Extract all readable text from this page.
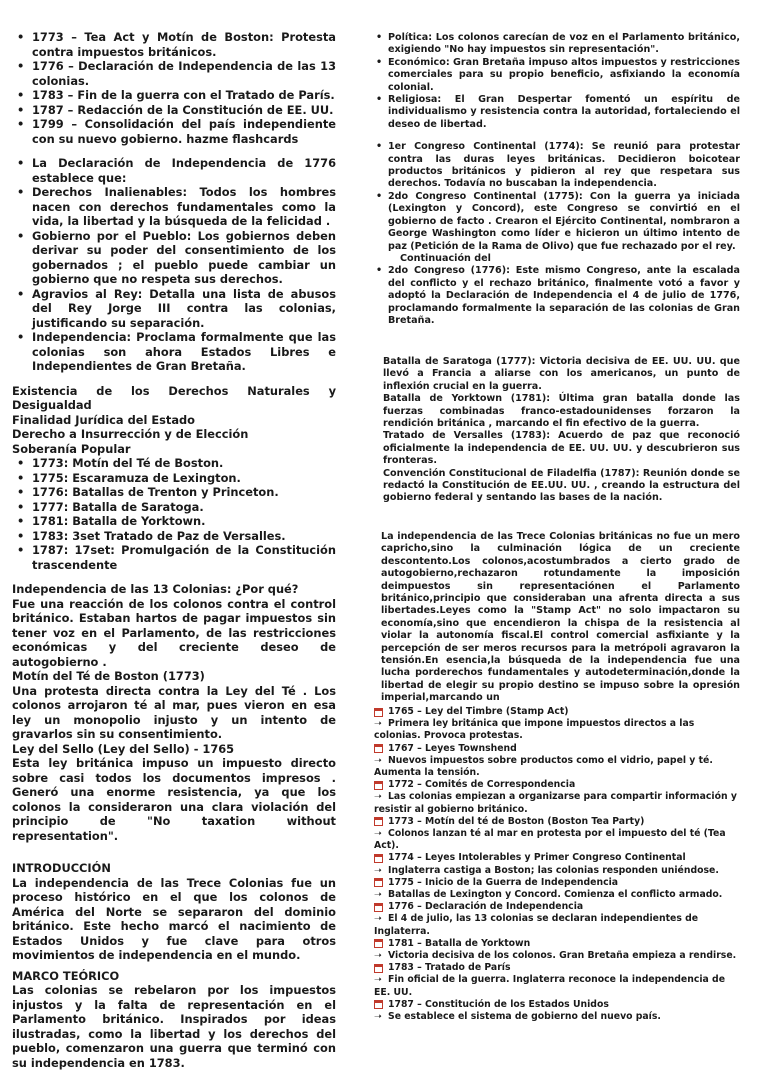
• 1773 – Tea Act y Motín de Boston: Protesta contra impuestos británicos.
• 1776 – Declaración de Independencia de las 13 colonias.
• 1783 – Fin de la guerra con el Tratado de París.
• 1787 – Redacción de la Constitución de EE. UU.
• 1799 – Consolidación del país independiente con su nuevo gobierno. hazme flashcards
• La Declaración de Independencia de 1776 establece que:
• Derechos Inalienables: Todos los hombres nacen con derechos fundamentales como la vida, la libertad y la búsqueda de la felicidad .
• Gobierno por el Pueblo: Los gobiernos deben derivar su poder del consentimiento de los gobernados ; el pueblo puede cambiar un gobierno que no respeta sus derechos.
• Agravios al Rey: Detalla una lista de abusos del Rey Jorge III contra las colonias, justificando su separación.
• Independencia: Proclama formalmente que las colonias son ahora Estados Libres e Independientes de Gran Bretaña.
Existencia de los Derechos Naturales y Desigualdad
Finalidad Jurídica del Estado
Derecho a Insurrección y de Elección
Soberanía Popular
• 1773: Motín del Té de Boston.
• 1775: Escaramuza de Lexington.
• 1776: Batallas de Trenton y Princeton.
• 1777: Batalla de Saratoga.
• 1781: Batalla de Yorktown.
• 1783: 3set Tratado de Paz de Versalles.
• 1787: 17set: Promulgación de la Constitución trascendente
Independencia de las 13 Colonias: ¿Por qué?
Fue una reacción de los colonos contra el control británico. Estaban hartos de pagar impuestos sin tener voz en el Parlamento, de las restricciones económicas y del creciente deseo de autogobierno .
Motín del Té de Boston (1773)
Una protesta directa contra la Ley del Té . Los colonos arrojaron té al mar, pues vieron en esa ley un monopolio injusto y un intento de gravarlos sin su consentimiento.
Ley del Sello (Ley del Sello) - 1765
Esta ley británica impuso un impuesto directo sobre casi todos los documentos impresos . Generó una enorme resistencia, ya que los colonos la consideraron una clara violación del principio de "No taxation without representation".
INTRODUCCIÓN
La independencia de las Trece Colonias fue un proceso histórico en el que los colonos de América del Norte se separaron del dominio británico. Este hecho marcó el nacimiento de Estados Unidos y fue clave para otros movimientos de independencia en el mundo.
MARCO TEÓRICO
Las colonias se rebelaron por los impuestos injustos y la falta de representación en el Parlamento británico. Inspirados por ideas ilustradas, como la libertad y los derechos del pueblo, comenzaron una guerra que terminó con su independencia en 1783.
• Política: Los colonos carecían de voz en el Parlamento británico, exigiendo "No hay impuestos sin representación".
• Económico: Gran Bretaña impuso altos impuestos y restricciones comerciales para su propio beneficio, asfixiando la economía colonial.
• Religiosa: El Gran Despertar fomentó un espíritu de individualismo y resistencia contra la autoridad, fortaleciendo el deseo de libertad.
• 1er Congreso Continental (1774): Se reunió para protestar contra las duras leyes británicas. Decidieron boicotear productos británicos y pidieron al rey que respetara sus derechos. Todavía no buscaban la independencia.
• 2do Congreso Continental (1775): Con la guerra ya iniciada (Lexington y Concord), este Congreso se convirtió en el gobierno de facto . Crearon el Ejército Continental, nombraron a George Washington como líder e hicieron un último intento de paz (Petición de la Rama de Olivo) que fue rechazado por el rey.
Continuación del
• 2do Congreso (1776): Este mismo Congreso, ante la escalada del conflicto y el rechazo británico, finalmente votó a favor y adoptó la Declaración de Independencia el 4 de julio de 1776, proclamando formalmente la separación de las colonias de Gran Bretaña.
Batalla de Saratoga (1777): Victoria decisiva de EE. UU. UU. que llevó a Francia a aliarse con los americanos, un punto de inflexión crucial en la guerra.
Batalla de Yorktown (1781): Última gran batalla donde las fuerzas combinadas franco-estadounidenses forzaron la rendición británica , marcando el fin efectivo de la guerra.
Tratado de Versalles (1783): Acuerdo de paz que reconoció oficialmente la independencia de EE. UU. UU. y descubrieron sus fronteras.
Convención Constitucional de Filadelfia (1787): Reunión donde se redactó la Constitución de EE.UU. UU. , creando la estructura del gobierno federal y sentando las bases de la nación.
La independencia de las Trece Colonias británicas no fue un mero capricho,sino la culminación lógica de un creciente descontento.Los colonos,acostumbrados a cierto grado de autogobierno,rechazaron rotundamente la imposición deimpuestos sin representaciónen el Parlamento británico,principio que consideraban una afrenta directa a sus libertades.Leyes como la "Stamp Act" no solo impactaron su economía,sino que encendieron la chispa de la resistencia al violar la autonomía fiscal.El control comercial asfixiante y la percepción de ser meros recursos para la metrópoli agravaron la tensión.En esencia,la búsqueda de la independencia fue una lucha porderechos fundamentales y autodeterminación,donde la libertad de elegir su propio destino se impuso sobre la opresión imperial,marcando un
1765 – Ley del Timbre (Stamp Act)
➝ Primera ley británica que impone impuestos directos a las colonias. Provoca protestas.
1767 – Leyes Townshend
➝ Nuevos impuestos sobre productos como el vidrio, papel y té. Aumenta la tensión.
1772 – Comités de Correspondencia
➝ Las colonias empiezan a organizarse para compartir información y resistir al gobierno británico.
1773 – Motín del té de Boston (Boston Tea Party)
➝ Colonos lanzan té al mar en protesta por el impuesto del té (Tea Act).
1774 – Leyes Intolerables y Primer Congreso Continental
➝ Inglaterra castiga a Boston; las colonias responden uniéndose.
1775 – Inicio de la Guerra de Independencia
➝ Batallas de Lexington y Concord. Comienza el conflicto armado.
1776 – Declaración de Independencia
➝ El 4 de julio, las 13 colonias se declaran independientes de Inglaterra.
1781 – Batalla de Yorktown
➝ Victoria decisiva de los colonos. Gran Bretaña empieza a rendirse.
1783 – Tratado de París
➝ Fin oficial de la guerra. Inglaterra reconoce la independencia de EE. UU.
1787 – Constitución de los Estados Unidos
➝ Se establece el sistema de gobierno del nuevo país.
